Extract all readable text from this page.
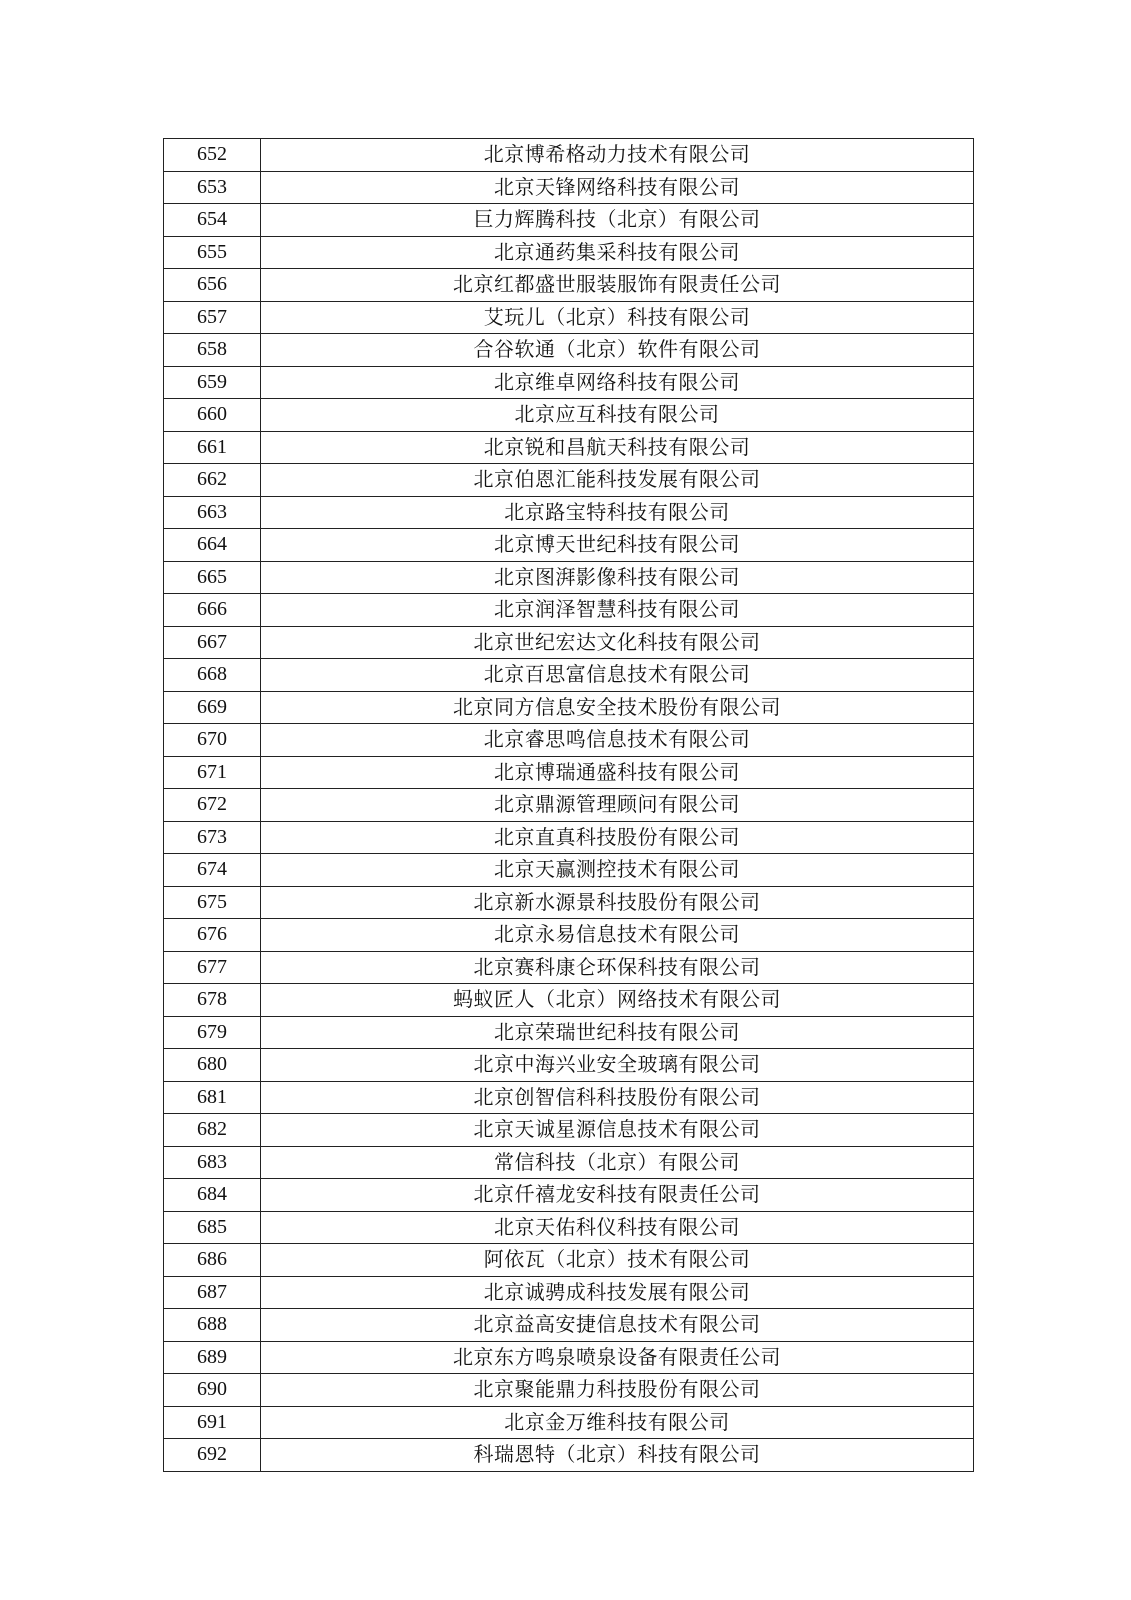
652	北京博希格动力技术有限公司
653	北京天锋网络科技有限公司
654	巨力辉腾科技（北京）有限公司
655	北京通药集采科技有限公司
656	北京红都盛世服装服饰有限责任公司
657	艾玩儿（北京）科技有限公司
658	合谷软通（北京）软件有限公司
659	北京维卓网络科技有限公司
660	北京应互科技有限公司
661	北京锐和昌航天科技有限公司
662	北京伯恩汇能科技发展有限公司
663	北京路宝特科技有限公司
664	北京博天世纪科技有限公司
665	北京图湃影像科技有限公司
666	北京润泽智慧科技有限公司
667	北京世纪宏达文化科技有限公司
668	北京百思富信息技术有限公司
669	北京同方信息安全技术股份有限公司
670	北京睿思鸣信息技术有限公司
671	北京博瑞通盛科技有限公司
672	北京鼎源管理顾问有限公司
673	北京直真科技股份有限公司
674	北京天赢测控技术有限公司
675	北京新水源景科技股份有限公司
676	北京永易信息技术有限公司
677	北京赛科康仑环保科技有限公司
678	蚂蚁匠人（北京）网络技术有限公司
679	北京荣瑞世纪科技有限公司
680	北京中海兴业安全玻璃有限公司
681	北京创智信科科技股份有限公司
682	北京天诚星源信息技术有限公司
683	常信科技（北京）有限公司
684	北京仟禧龙安科技有限责任公司
685	北京天佑科仪科技有限公司
686	阿依瓦（北京）技术有限公司
687	北京诚骋成科技发展有限公司
688	北京益高安捷信息技术有限公司
689	北京东方鸣泉喷泉设备有限责任公司
690	北京聚能鼎力科技股份有限公司
691	北京金万维科技有限公司
692	科瑞恩特（北京）科技有限公司
